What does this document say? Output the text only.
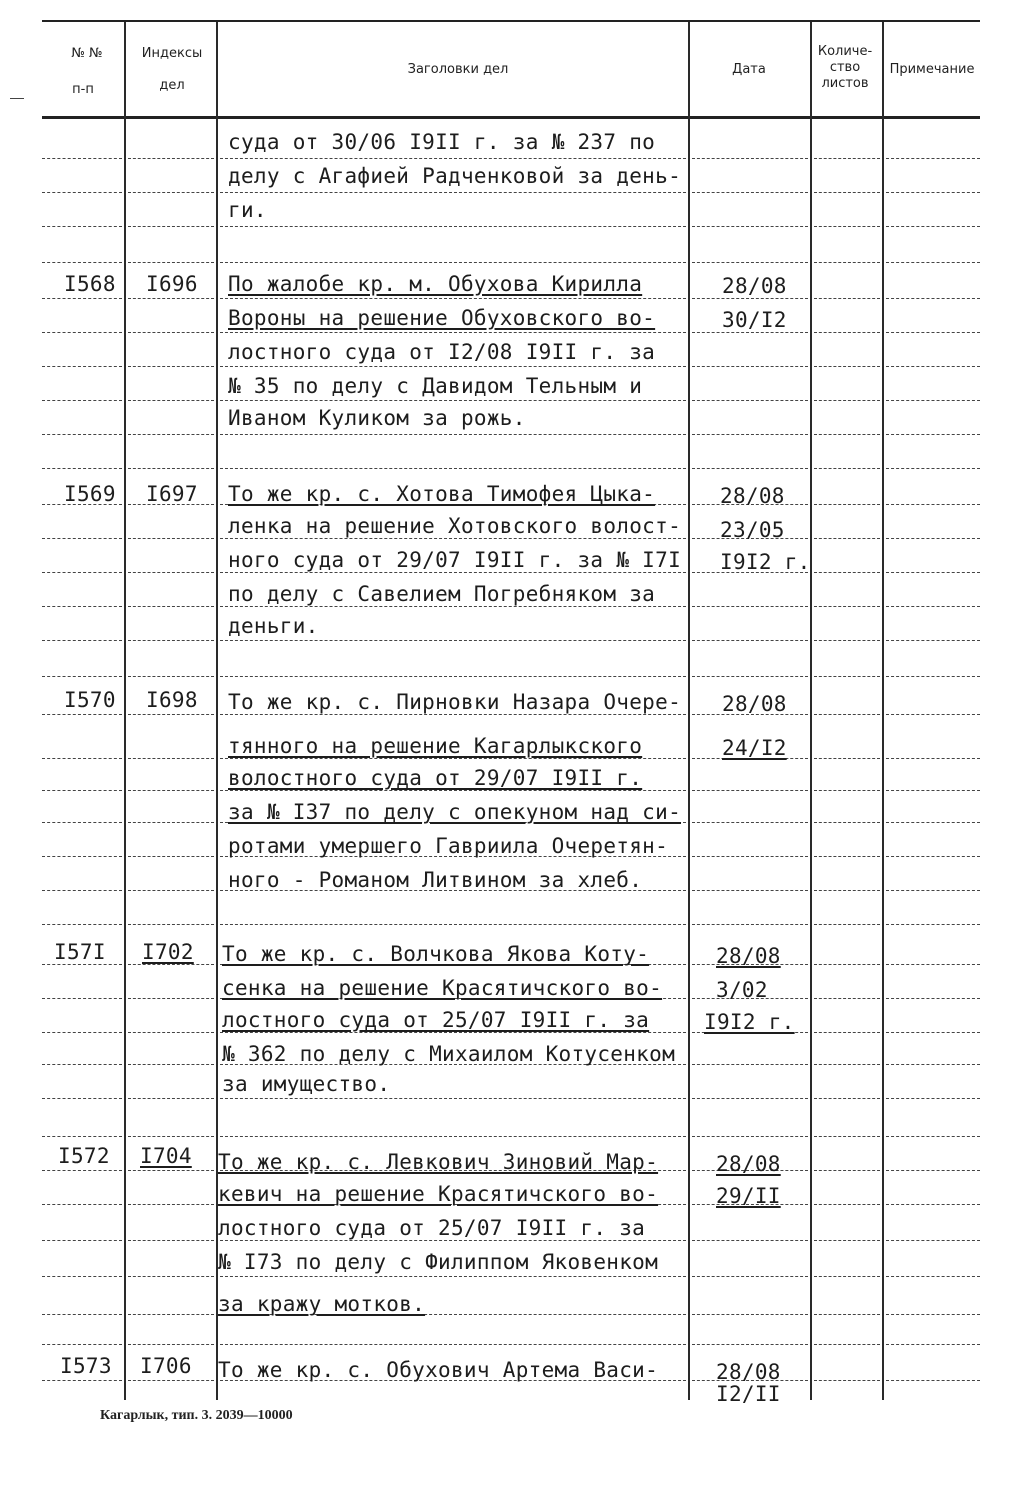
№ №
п-п
Индексы
дел
Заголовки дел	Дата
Количе-
ство
листов
Примечание
суда от 30/06 I9II г. за № 237 по
делу с Агафией Радченковой за день-
ги.
I568 I696 По жалобе кр. м. Обухова Кирилла
Вороны на решение Обуховского во-
лостного суда от I2/08 I9II г. за
№ 35 по делу с Давидом Тельным и
Иваном Куликом за рожь.
28/08
30/I2
I569 I697 То же кр. с. Хотова Тимофея Цыка-
ленка на решение Хотовского волост-
ного суда от 29/07 I9II г. за № I7I
по делу с Савелием Погребняком за
деньги.
28/08
23/05
I9I2 г.
I570 I698 То же кр. с. Пирновки Назара Очере-
тянного на решение Кагарлыкского
волостного суда от 29/07 I9II г.
за № I37 по делу с опекуном над си-
ротами умершего Гавриила Очеретян-
ного - Романом Литвином за хлеб.
28/08
24/I2
I57I I702 То же кр. с. Волчкова Якова Коту-
сенка на решение Красятичского во-
лостного суда от 25/07 I9II г. за
№ 362 по делу с Михаилом Котусенком
за имущество.
28/08
3/02
I9I2 г.
I572 I704 То же кр. с. Левкович Зиновий Мар-
кевич на решение Красятичского во-
лостного суда от 25/07 I9II г. за
№ I73 по делу с Филиппом Яковенком
за кражу мотков.
28/08
29/II
I573 I706 То же кр. с. Обухович Артема Васи-	28/08
I2/II
Кагарлык, тип. 3. 2039—10000
